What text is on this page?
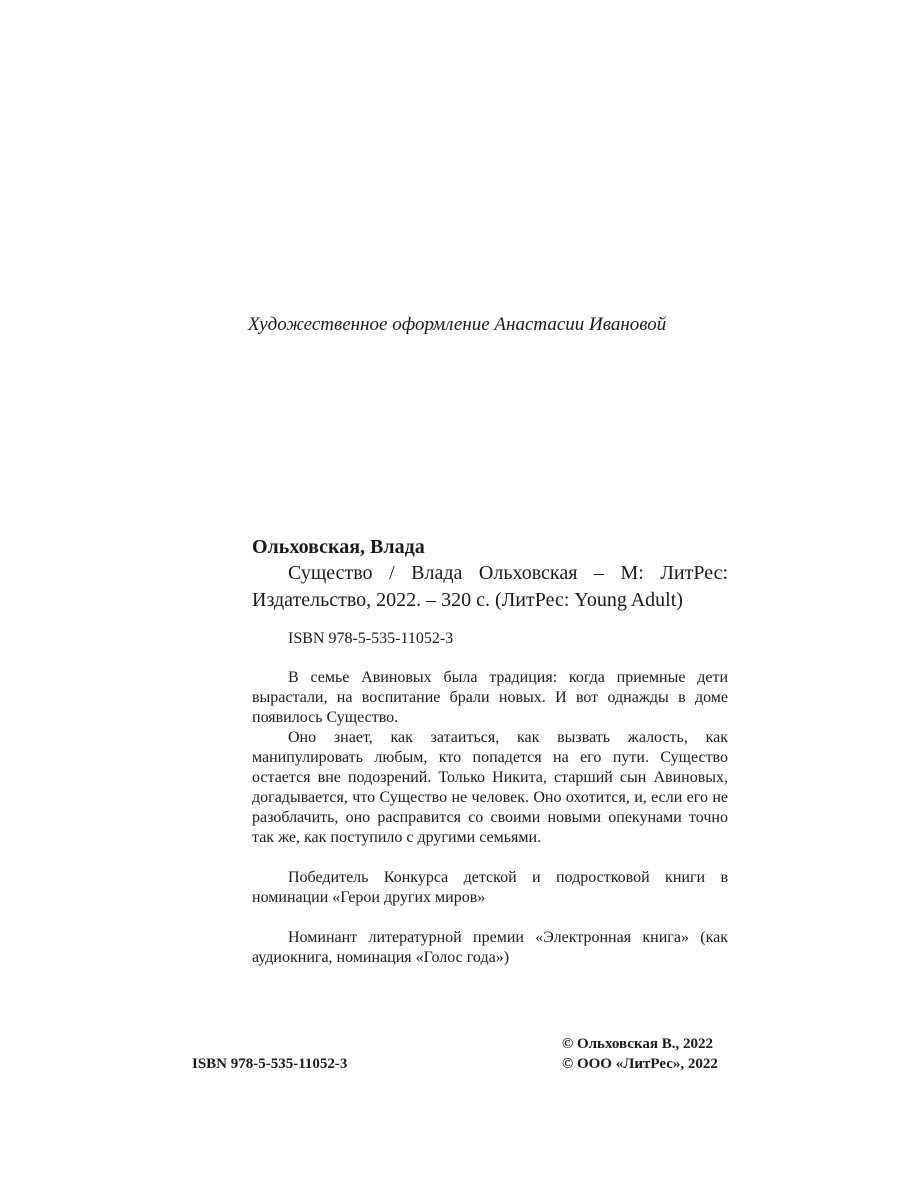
Художественное оформление Анастасии Ивановой
Ольховская, Влада

Существо / Влада Ольховская – М: ЛитРес: Издательство, 2022. – 320 с. (ЛитРес: Young Adult)

ISBN 978-5-535-11052-3

В семье Авиновых была традиция: когда приемные дети вырастали, на воспитание брали новых. И вот однажды в доме появилось Существо.

Оно знает, как затаиться, как вызвать жалость, как манипулировать любым, кто попадется на его пути. Существо остается вне подозрений. Только Никита, старший сын Авиновых, догадывается, что Существо не человек. Оно охотится, и, если его не разоблачить, оно расправится со своими новыми опекунами точно так же, как поступило с другими семьями.

Победитель Конкурса детской и подростковой книги в номинации «Герои других миров»

Номинант литературной премии «Электронная книга» (как аудиокнига, номинация «Голос года»)

ISBN 978-5-535-11052-3
© Ольховская В., 2022
© ООО «ЛитРес», 2022
